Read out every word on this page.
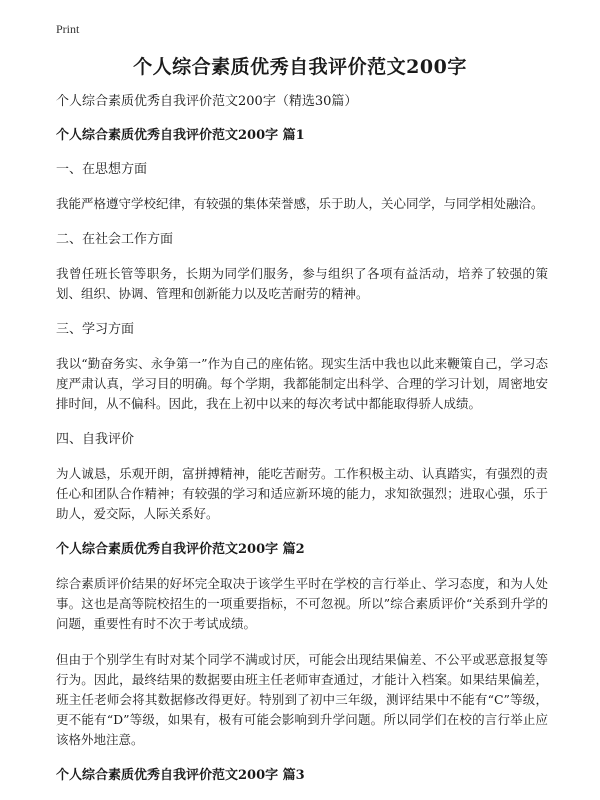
Print
个人综合素质优秀自我评价范文200字

个人综合素质优秀自我评价范文200字（精选30篇）

个人综合素质优秀自我评价范文200字 篇1

一、在思想方面

我能严格遵守学校纪律，有较强的集体荣誉感，乐于助人，关心同学，与同学相处融洽。

二、在社会工作方面

我曾任班长管等职务，长期为同学们服务，参与组织了各项有益活动，培养了较强的策划、组织、协调、管理和创新能力以及吃苦耐劳的精神。

三、学习方面

我以“勤奋务实、永争第一”作为自己的座佑铭。现实生活中我也以此来鞭策自己，学习态度严肃认真，学习目的明确。每个学期，我都能制定出科学、合理的学习计划，周密地安排时间，从不偏科。因此，我在上初中以来的每次考试中都能取得骄人成绩。

四、自我评价

为人诚恳，乐观开朗，富拼搏精神，能吃苦耐劳。工作积极主动、认真踏实，有强烈的责任心和团队合作精神；有较强的学习和适应新环境的能力，求知欲强烈；进取心强，乐于助人，爱交际，人际关系好。

个人综合素质优秀自我评价范文200字 篇2

综合素质评价结果的好坏完全取决于该学生平时在学校的言行举止、学习态度，和为人处事。这也是高等院校招生的一项重要指标，不可忽视。所以”综合素质评价“关系到升学的问题，重要性有时不次于考试成绩。

但由于个别学生有时对某个同学不满或讨厌，可能会出现结果偏差、不公平或恶意报复等行为。因此，最终结果的数据要由班主任老师审查通过，才能计入档案。如果结果偏差，班主任老师会将其数据修改得更好。特别到了初中三年级，测评结果中不能有“C”等级，更不能有“D”等级，如果有，极有可能会影响到升学问题。所以同学们在校的言行举止应该格外地注意。

个人综合素质优秀自我评价范文200字 篇3
